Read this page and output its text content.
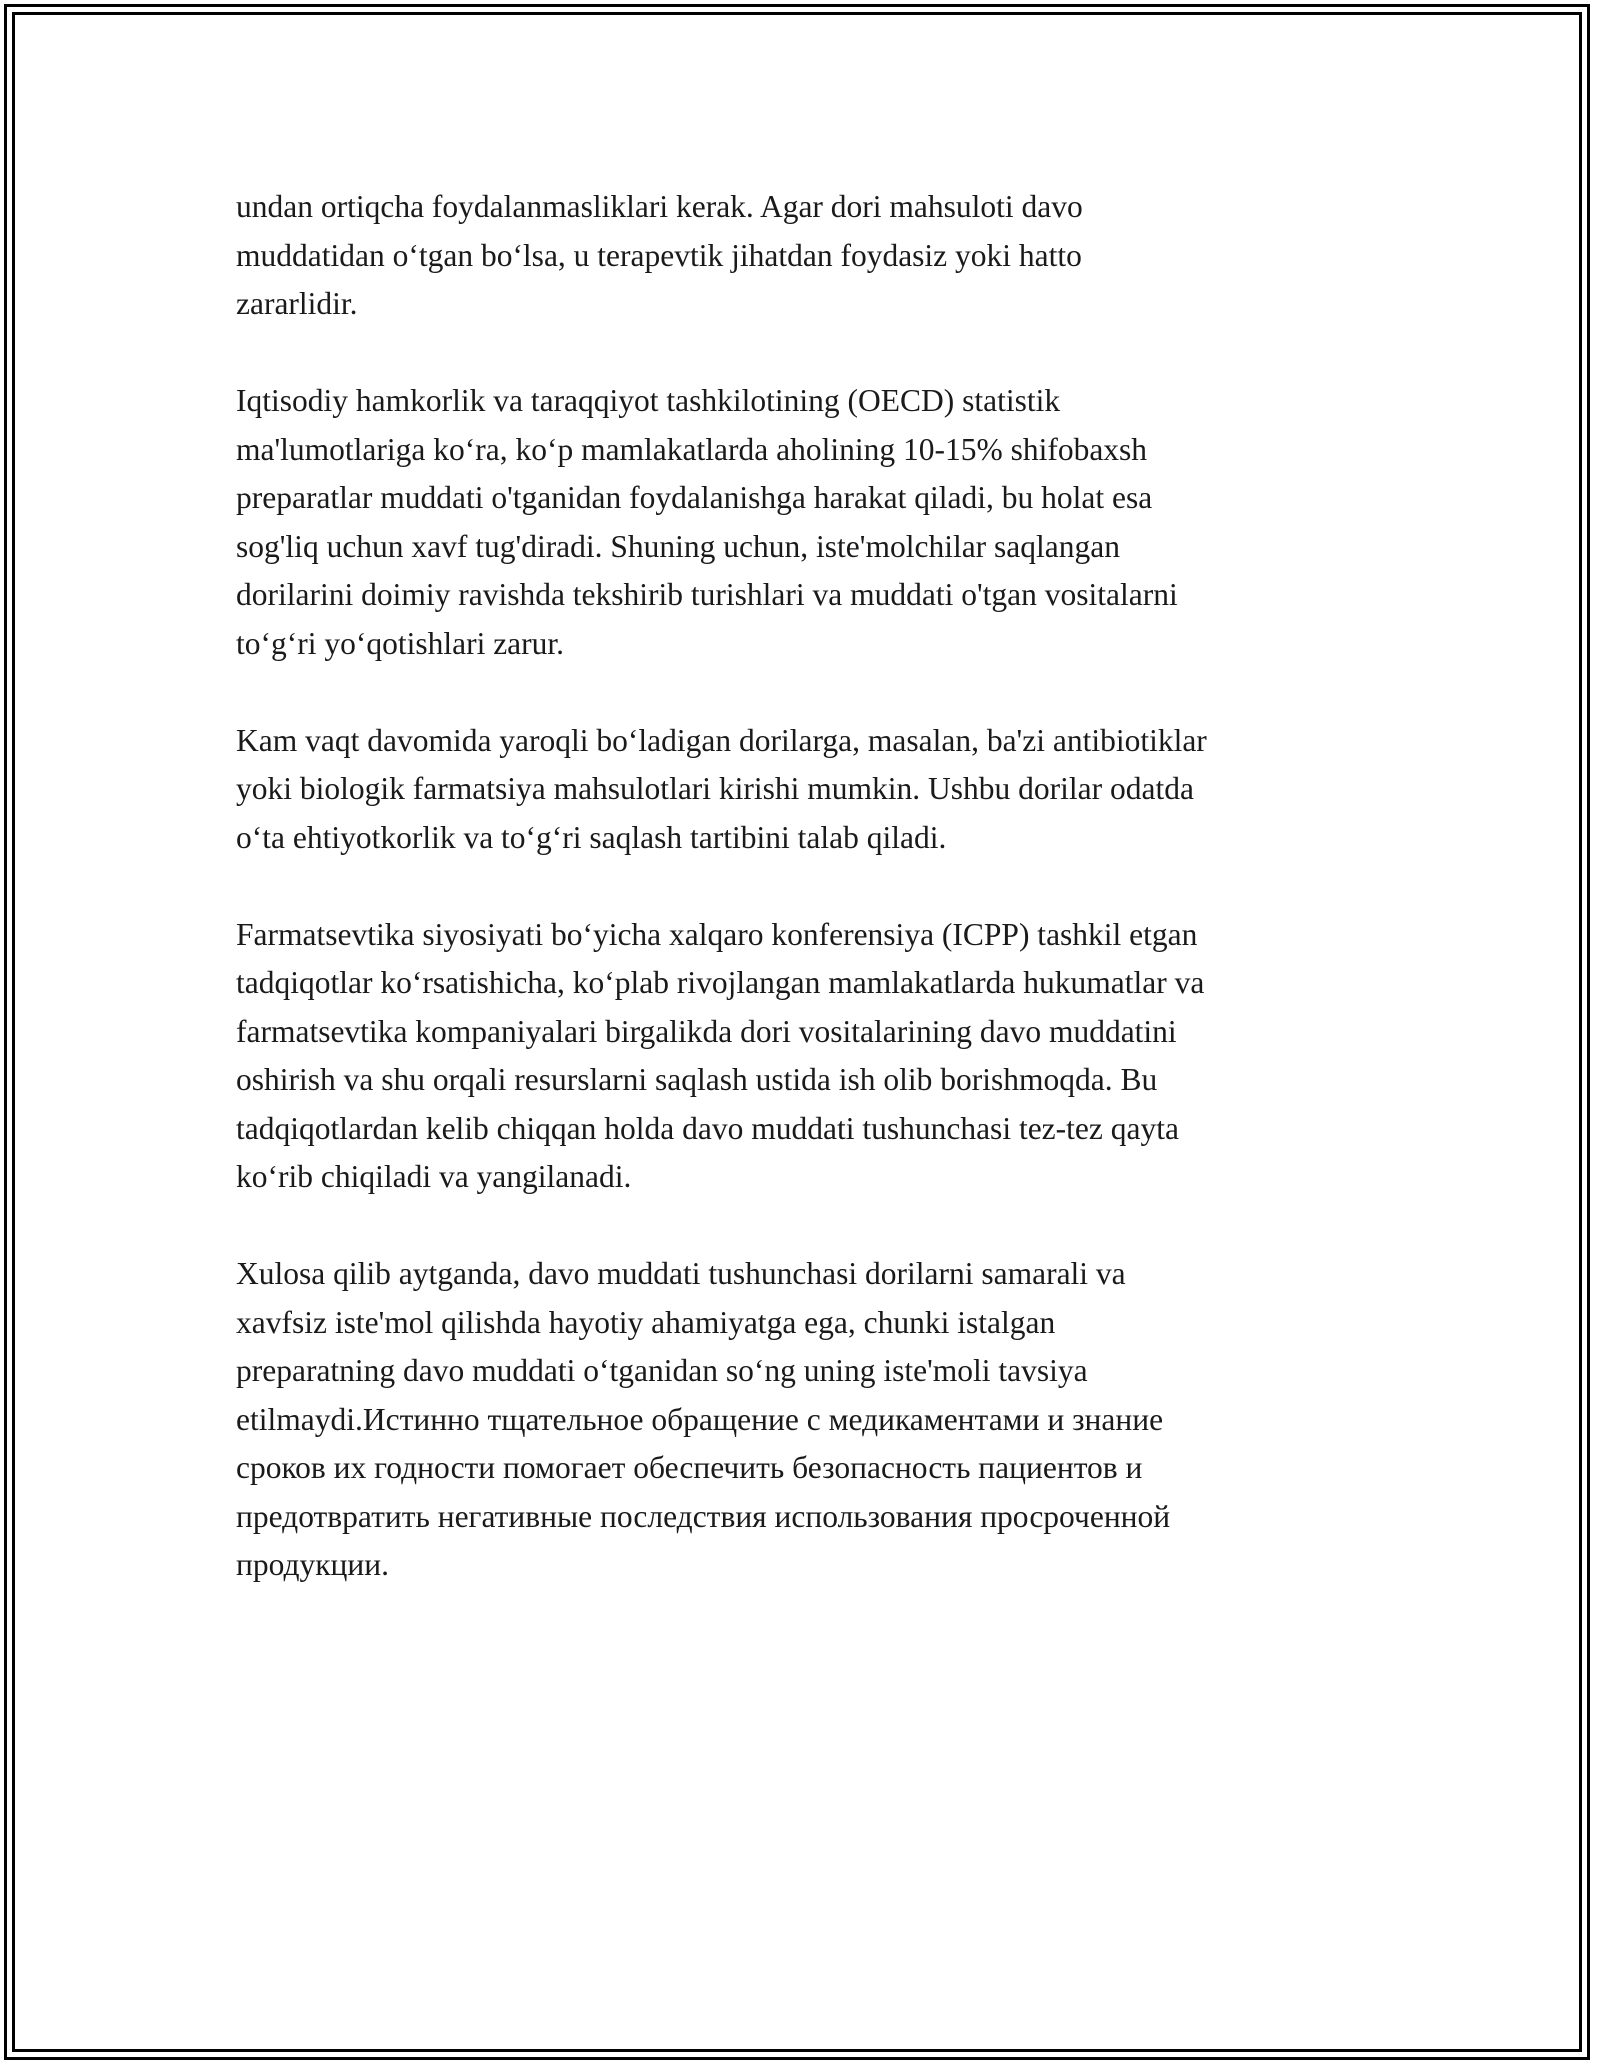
undan ortiqcha foydalanmasliklari kerak. Agar dori mahsuloti davo
muddatidan o‘tgan bo‘lsa, u terapevtik jihatdan foydasiz yoki hatto
zararlidir.

Iqtisodiy hamkorlik va taraqqiyot tashkilotining (OECD) statistik
ma'lumotlariga ko‘ra, ko‘p mamlakatlarda aholining 10-15% shifobaxsh
preparatlar muddati o'tganidan foydalanishga harakat qiladi, bu holat esa
sog'liq uchun xavf tug'diradi. Shuning uchun, iste'molchilar saqlangan
dorilarini doimiy ravishda tekshirib turishlari va muddati o'tgan vositalarni
to‘g‘ri yo‘qotishlari zarur.

Kam vaqt davomida yaroqli bo‘ladigan dorilarga, masalan, ba'zi antibiotiklar
yoki biologik farmatsiya mahsulotlari kirishi mumkin. Ushbu dorilar odatda
o‘ta ehtiyotkorlik va to‘g‘ri saqlash tartibini talab qiladi.

Farmatsevtika siyosiyati bo‘yicha xalqaro konferensiya (ICPP) tashkil etgan
tadqiqotlar ko‘rsatishicha, ko‘plab rivojlangan mamlakatlarda hukumatlar va
farmatsevtika kompaniyalari birgalikda dori vositalarining davo muddatini
oshirish va shu orqali resurslarni saqlash ustida ish olib borishmoqda. Bu
tadqiqotlardan kelib chiqqan holda davo muddati tushunchasi tez-tez qayta
ko‘rib chiqiladi va yangilanadi.

Xulosa qilib aytganda, davo muddati tushunchasi dorilarni samarali va
xavfsiz iste'mol qilishda hayotiy ahamiyatga ega, chunki istalgan
preparatning davo muddati o‘tganidan so‘ng uning iste'moli tavsiya
etilmaydi.Истинно тщательное обращение с медикаментами и знание
сроков их годности помогает обеспечить безопасность пациентов и
предотвратить негативные последствия использования просроченной
продукции.
